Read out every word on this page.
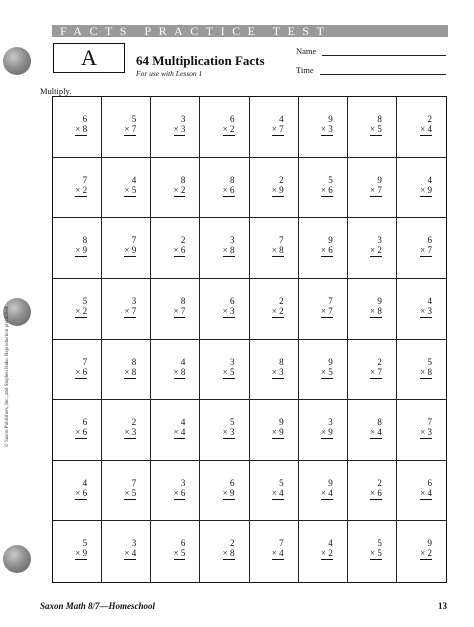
FACTS PRACTICE TEST
A	64 Multiplication Facts
For use with Lesson 1
Name
Time
Multiply.
6
× 8
5
× 7
3
× 3
6
× 2
4
× 7
9
× 3
8
× 5
2
× 4
7
× 2
4
× 5
8
× 2
8
× 6
2
× 9
5
× 6
9
× 7
4
× 9
8
× 9
7
× 9
2
× 6
3
× 8
7
× 8
9
× 6
3
× 2
6
× 7
5
× 2
3
× 7
8
× 7
6
× 3
2
× 2
7
× 7
9
× 8
4
× 3
7
× 6
8
× 8
4
× 8
3
× 5
8
× 3
9
× 5
2
× 7
5
× 8
6
× 6
2
× 3
4
× 4
5
× 3
9
× 9
3
× 9
8
× 4
7
× 3
4
× 6
7
× 5
3
× 6
6
× 9
5
× 4
9
× 4
2
× 6
6
× 4
5
× 9
3
× 4
6
× 5
2
× 8
7
× 4
4
× 2
5
× 5
9
× 2
© Saxon Publishers, Inc., and Stephen Hake. Reproduction prohibited.
Saxon Math 8/7—Homeschool	13
